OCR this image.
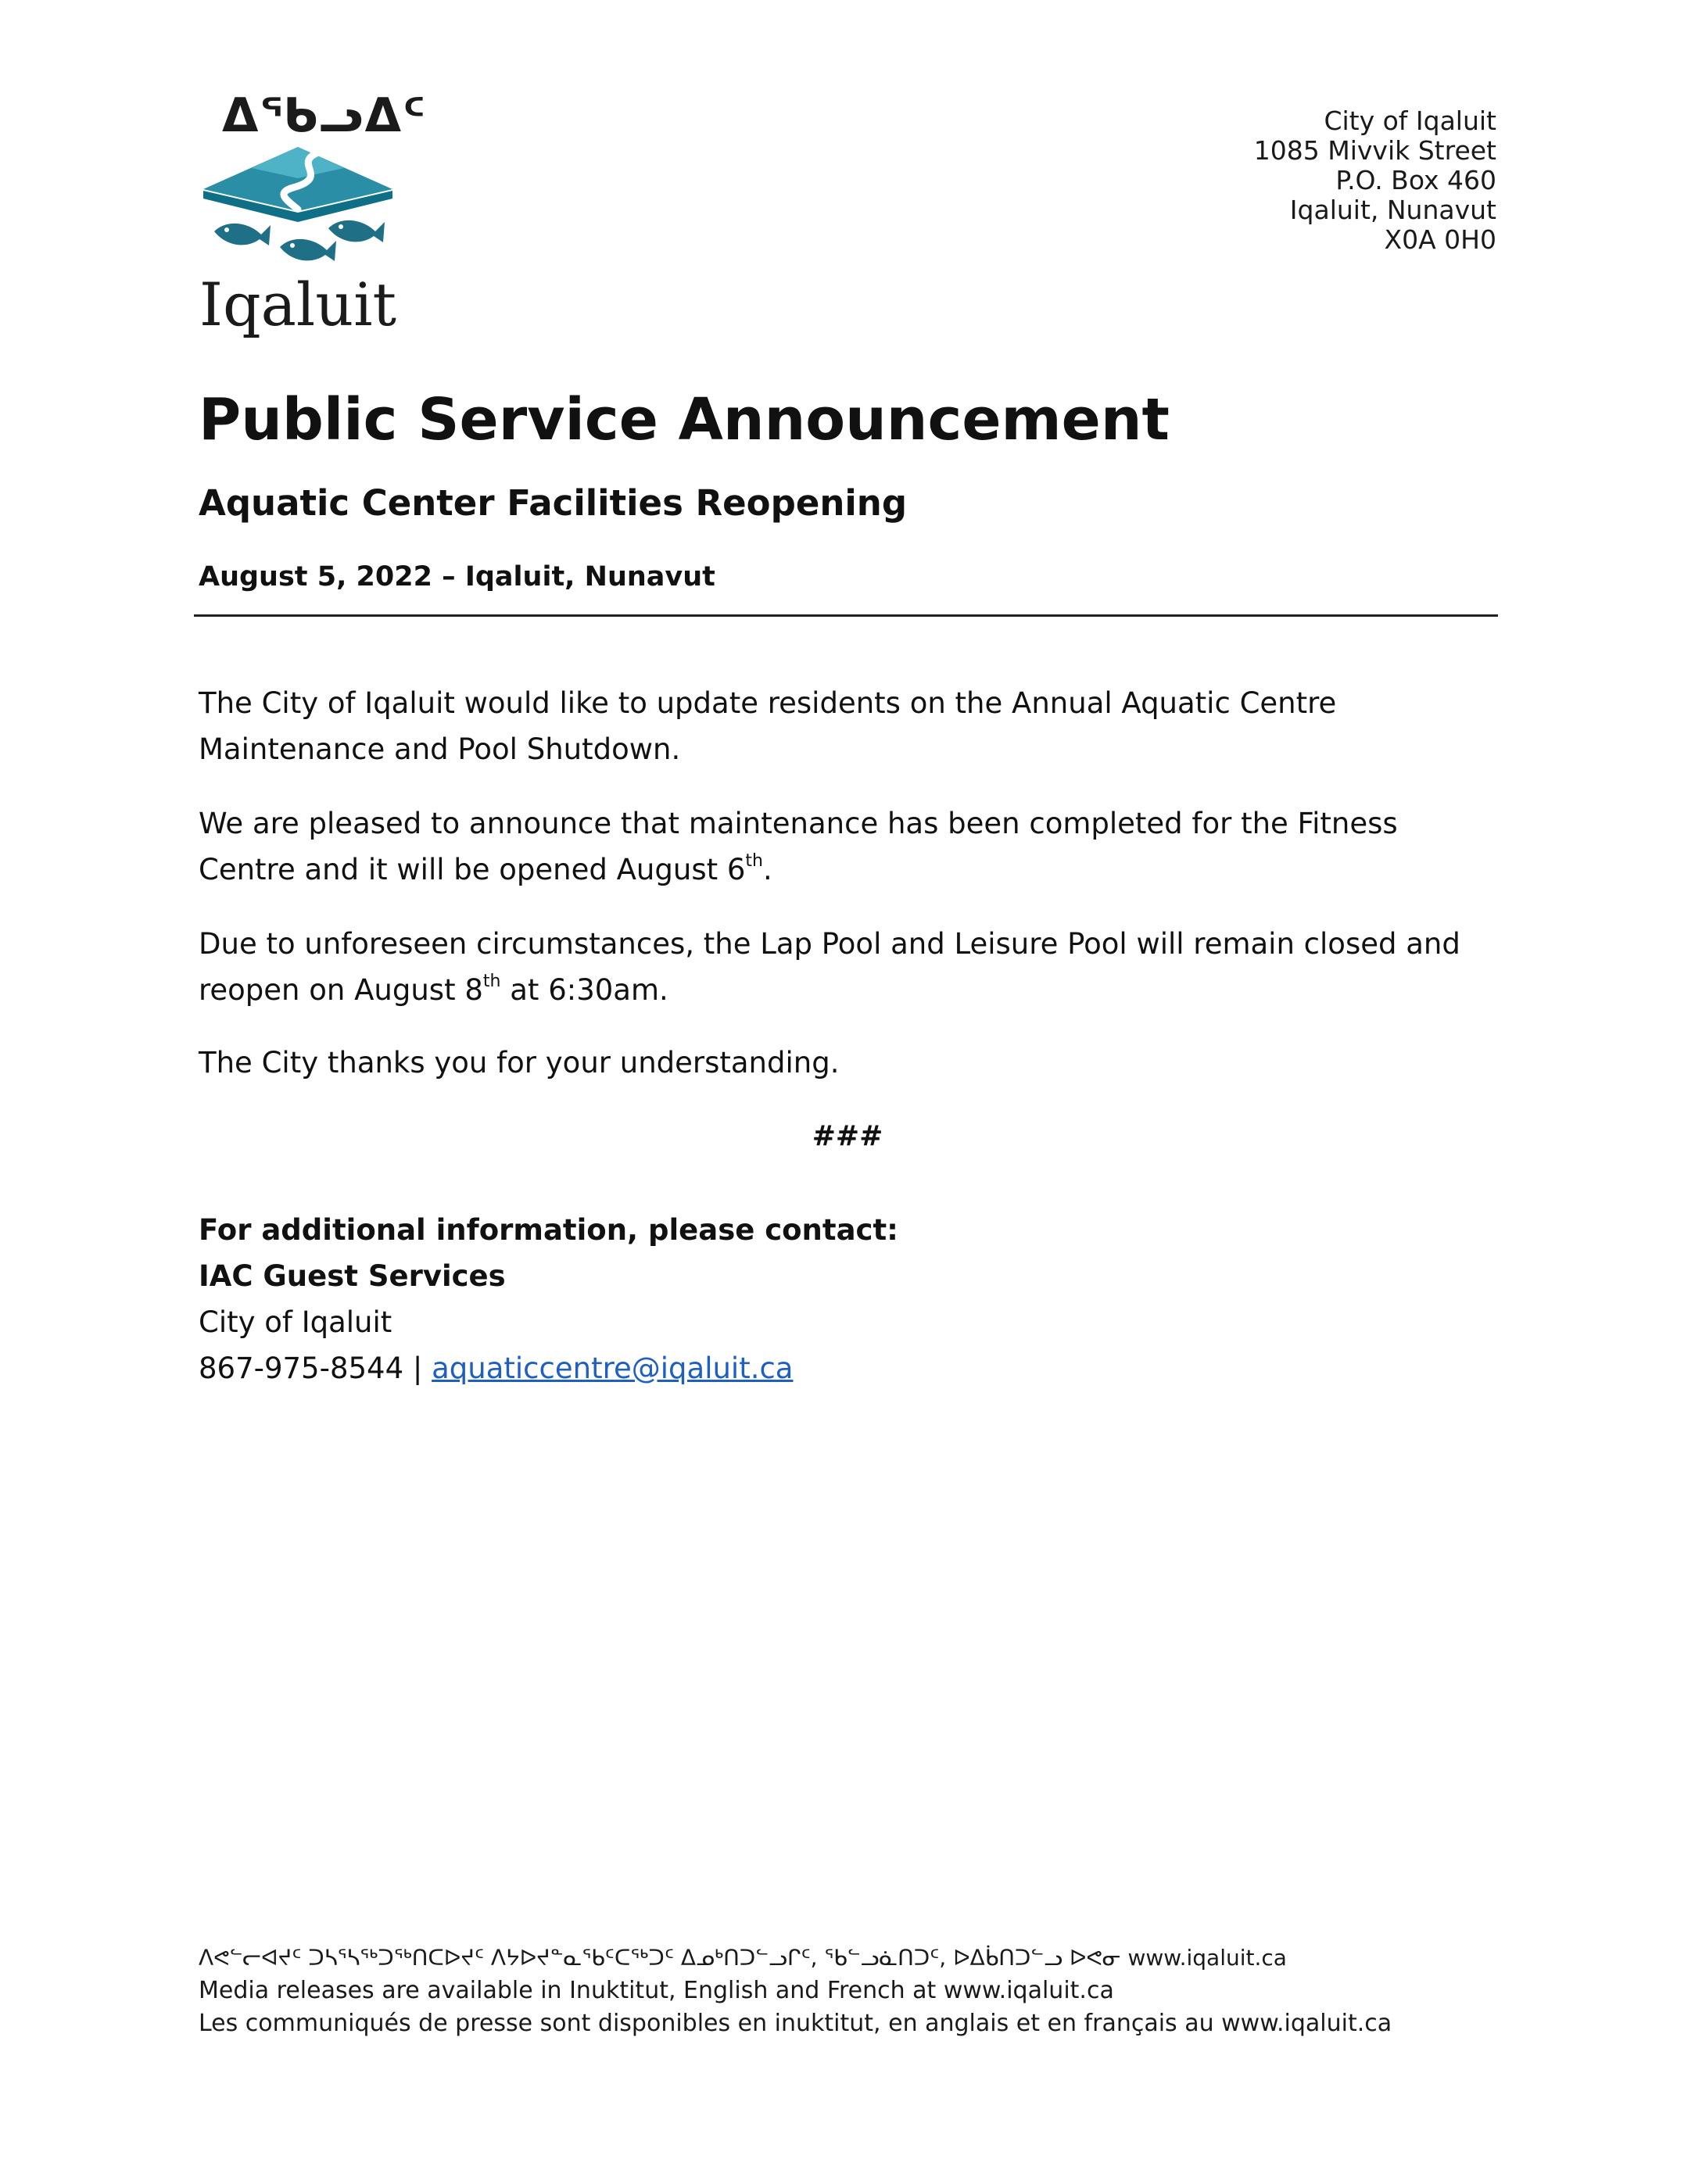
ᐃᖃᓗᐃᑦ
Iqaluit
City of Iqaluit
1085 Mivvik Street
P.O. Box 460
Iqaluit, Nunavut
X0A 0H0
Public Service Announcement
Aquatic Center Facilities Reopening
August 5, 2022 – Iqaluit, Nunavut
The City of Iqaluit would like to update residents on the Annual Aquatic Centre Maintenance and Pool Shutdown.
We are pleased to announce that maintenance has been completed for the Fitness Centre and it will be opened August 6th.
Due to unforeseen circumstances, the Lap Pool and Leisure Pool will remain closed and reopen on August 8th at 6:30am.
The City thanks you for your understanding.
###
For additional information, please contact:
IAC Guest Services
City of Iqaluit
867-975-8544 | aquaticcentre@iqaluit.ca
ᐱᕙᓪᓕᐊᔪᑦ ᑐᓴᕐᓴᖅᑐᖅᑎᑕᐅᔪᑦ ᐱᔭᐅᔪᓐᓇᖃᑦᑕᖅᑐᑦ ᐃᓄᒃᑎᑐᓪᓗᒋᑦ, ᖃᓪᓗᓈᑎᑐᑦ, ᐅᐃᑳᑎᑐᓪᓗ ᐅᕙᓂ www.iqaluit.ca
Media releases are available in Inuktitut, English and French at www.iqaluit.ca
Les communiqués de presse sont disponibles en inuktitut, en anglais et en français au www.iqaluit.ca
